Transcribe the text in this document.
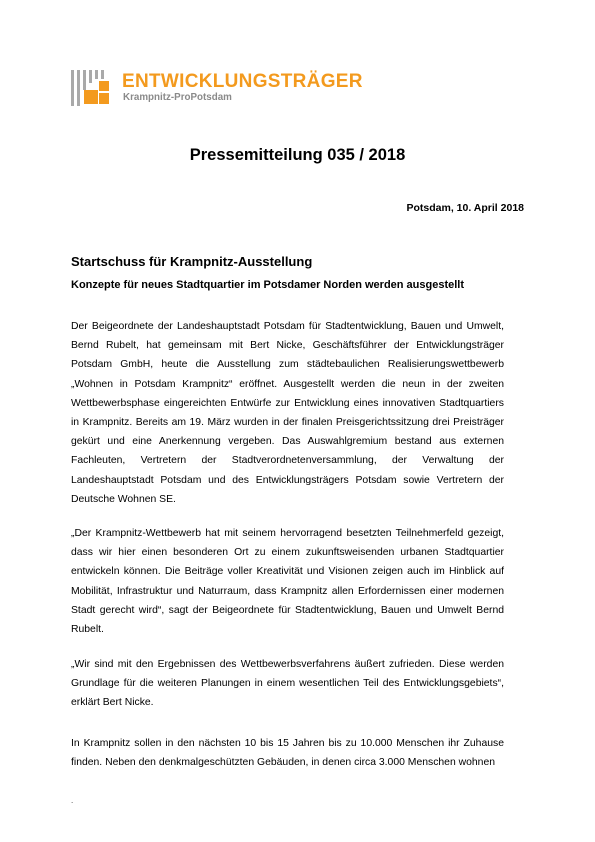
ENTWICKLUNGSTRÄGER
Krampnitz-ProPotsdam
Pressemitteilung 035 / 2018
Potsdam, 10. April 2018
Startschuss für Krampnitz-Ausstellung
Konzepte für neues Stadtquartier im Potsdamer Norden werden ausgestellt

Der Beigeordnete der Landeshauptstadt Potsdam für Stadtentwicklung, Bauen und Umwelt, Bernd Rubelt, hat gemeinsam mit Bert Nicke, Geschäftsführer der Entwicklungsträger Potsdam GmbH, heute die Ausstellung zum städtebaulichen Realisierungswettbewerb „Wohnen in Potsdam Krampnitz“ eröffnet. Ausgestellt werden die neun in der zweiten Wettbewerbsphase eingereichten Entwürfe zur Entwicklung eines innovativen Stadtquartiers in Krampnitz. Bereits am 19. März wurden in der finalen Preisgerichtssitzung drei Preisträger gekürt und eine Anerkennung vergeben. Das Auswahlgremium bestand aus externen Fachleuten, Vertretern der Stadtverordnetenversammlung, der Verwaltung der Landeshauptstadt Potsdam und des Entwicklungsträgers Potsdam sowie Vertretern der Deutsche Wohnen SE.

„Der Krampnitz-Wettbewerb hat mit seinem hervorragend besetzten Teilnehmerfeld gezeigt, dass wir hier einen besonderen Ort zu einem zukunftsweisenden urbanen Stadtquartier entwickeln können. Die Beiträge voller Kreativität und Visionen zeigen auch im Hinblick auf Mobilität, Infrastruktur und Naturraum, dass Krampnitz allen Erfordernissen einer modernen Stadt gerecht wird“, sagt der Beigeordnete für Stadtentwicklung, Bauen und Umwelt Bernd Rubelt.

„Wir sind mit den Ergebnissen des Wettbewerbsverfahrens äußert zufrieden. Diese werden Grundlage für die weiteren Planungen in einem wesentlichen Teil des Entwicklungsgebiets“, erklärt Bert Nicke.

In Krampnitz sollen in den nächsten 10 bis 15 Jahren bis zu 10.000 Menschen ihr Zuhause finden. Neben den denkmalgeschützten Gebäuden, in denen circa 3.000 Menschen wohnen

.
